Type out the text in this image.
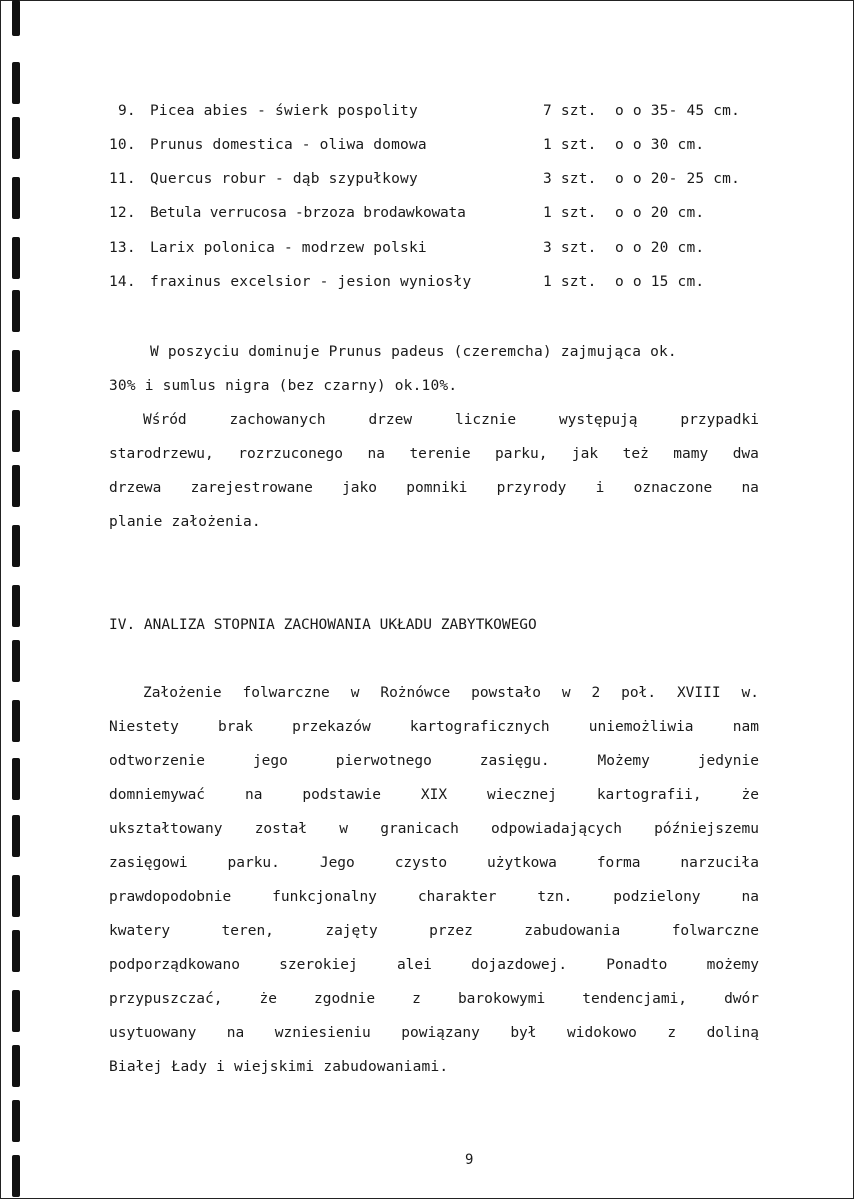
9. Picea abies - świerk pospolity	7 szt. o o 35- 45 cm.
10. Prunus domestica - oliwa domowa	1 szt. o o 30 cm.
11. Quercus robur - dąb szypułkowy	3 szt. o o 20- 25 cm.
12. Betula verrucosa -brzoza brodawkowata	1 szt. o o 20 cm.
13. Larix polonica - modrzew polski	3 szt. o o 20 cm.
14. fraxinus excelsior - jesion wyniosły	1 szt. o o 15 cm.
W poszyciu dominuje Prunus padeus (czeremcha) zajmująca ok.
30% i sumlus nigra (bez czarny) ok.10%.
Wśród	zachowanych	drzew	licznie	występują	przypadki
starodrzewu, rozrzuconego na terenie parku, jak też mamy dwa
drzewa zarejestrowane jako pomniki przyrody i oznaczone na
planie założenia.
IV. ANALIZA STOPNIA ZACHOWANIA UKŁADU ZABYTKOWEGO
Założenie folwarczne w Rożnówce powstało w 2 poł. XVIII w.
Niestety	brak	przekazów	kartograficznych	uniemożliwia	nam
odtworzenie	jego	pierwotnego	zasięgu.	Możemy	jedynie
domniemywać	na	podstawie	XIX	wiecznej	kartografii,	że
ukształtowany został w granicach odpowiadających późniejszemu
zasięgowi	parku.	Jego	czysto	użytkowa	forma	narzuciła
prawdopodobnie	funkcjonalny	charakter	tzn.	podzielony	na
kwatery	teren,	zajęty	przez	zabudowania	folwarczne
podporządkowano	szerokiej	alei	dojazdowej.	Ponadto	możemy
przypuszczać,	że	zgodnie	z	barokowymi	tendencjami,	dwór
usytuowany na wzniesieniu powiązany był widokowo z doliną
Białej Łady i wiejskimi zabudowaniami.
9
